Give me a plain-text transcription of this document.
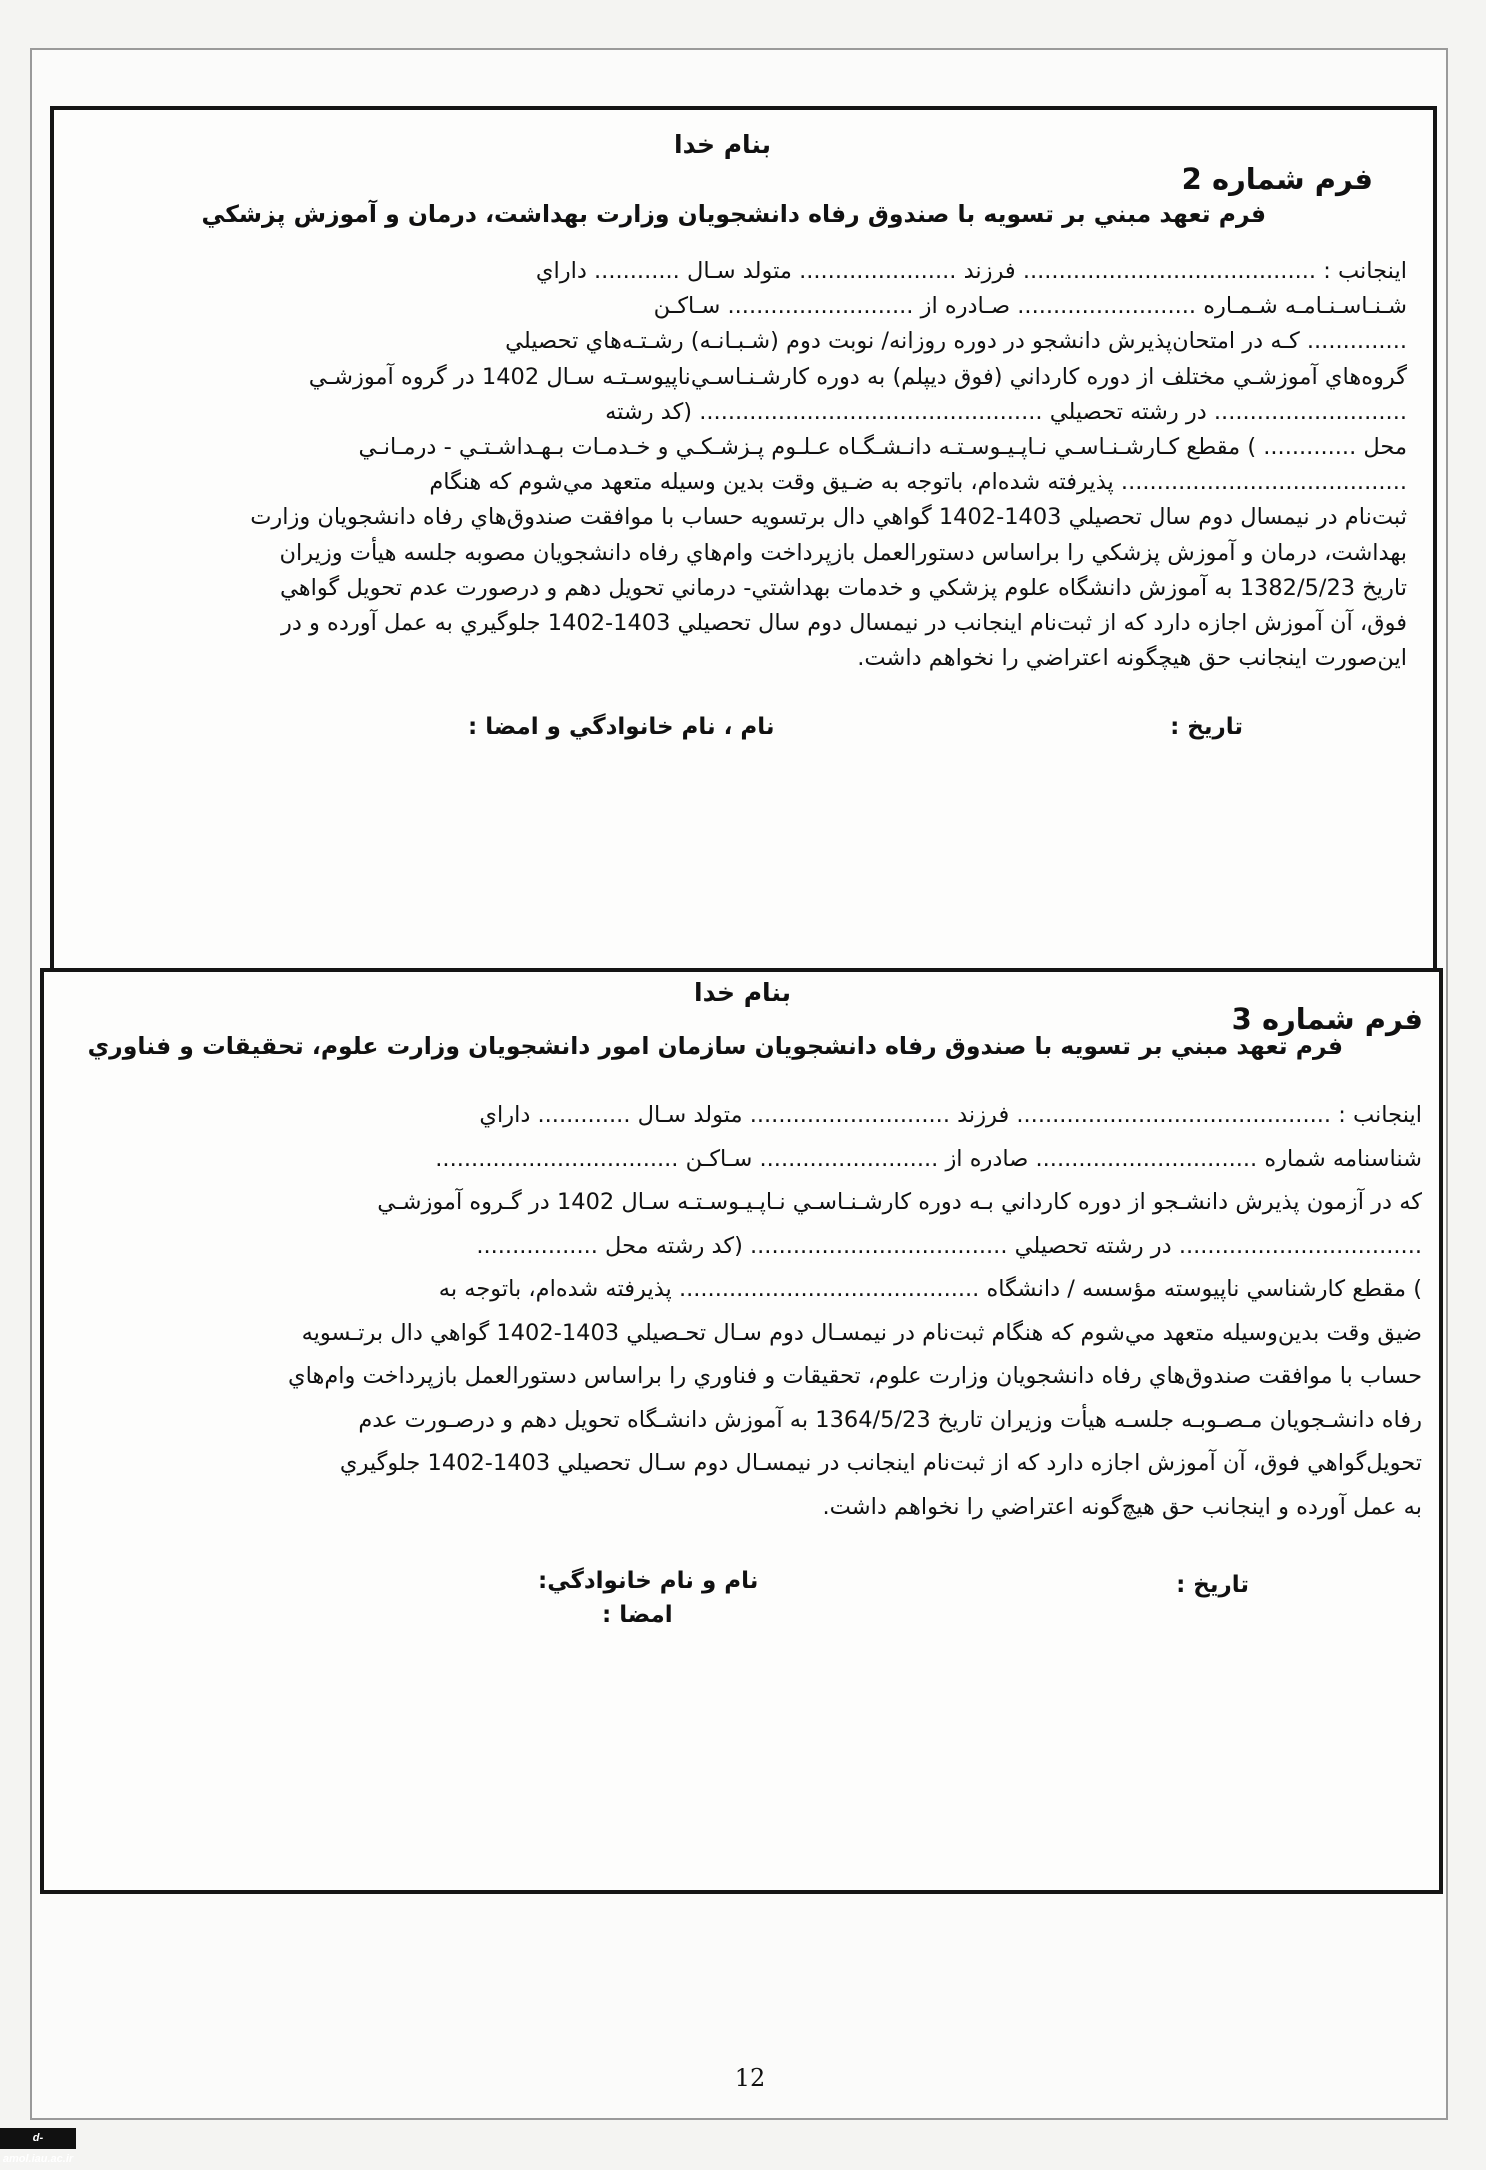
بنام خدا
فرم شماره 2
فرم تعهد مبني بر تسويه با صندوق رفاه دانشجويان وزارت بهداشت، درمان و آموزش پزشكي
اينجانب : ......................................... فرزند ...................... متولد سـال ............ داراي
شـنـاسـنـامـه شـمـاره ......................... صـادره از .......................... سـاكـن
.............. كـه در امتحان‌پذيرش دانشجو در دوره روزانه/ نوبت دوم (شـبـانـه) رشـتـه‌هاي تحصيلي
گروه‌هاي آموزشـي مختلف از دوره كارداني (فوق ديپلم) به دوره كارشـنـاسـي‌ناپيوسـتـه سـال 1402 در گروه آموزشـي
........................... در رشته تحصيلي ................................................ (كد رشته
محل ............. ) مقطع كـارشـنـاسـي نـاپـيـوسـتـه دانـشـگـاه عـلـوم پـزشـكـي و خـدمـات بـهـداشـتـي - درمـانـي
........................................ پذيرفته شده‌ام، باتوجه به ضـيق وقت بدين وسيله متعهد مي‌شوم كه هنگام
ثبت‌نام در نيمسال دوم سال تحصيلي 1403-1402 گواهي دال برتسويه حساب با موافقت صندوق‌هاي رفاه دانشجويان وزارت
بهداشت، درمان و آموزش پزشكي را براساس دستورالعمل بازپرداخت وام‌هاي رفاه دانشجويان مصوبه جلسه هيأت وزيران
تاريخ 1382/5/23 به آموزش دانشگاه علوم پزشكي و خدمات بهداشتي- درماني تحويل دهم و درصورت عدم تحويل گواهي
فوق، آن آموزش اجازه دارد كه از ثبت‌نام اينجانب در نيمسال دوم سال تحصيلي 1403-1402 جلوگيري به عمل آورده و در
اين‌صورت اينجانب حق هيچگونه اعتراضي را نخواهم داشت.
تاريخ :
نام ، نام خانوادگي و امضا :
بنام خدا
فرم شماره 3
فرم تعهد مبني بر تسويه با صندوق رفاه دانشجويان سازمان امور دانشجويان وزارت علوم، تحقيقات و فناوري
اينجانب : ............................................ فرزند ............................ متولد سـال ............. داراي
شناسنامه شماره ............................... صادره از ......................... سـاكـن ..................................
كه در آزمون پذيرش دانشـجو از دوره كارداني بـه دوره كارشـنـاسـي نـاپـيـوسـتـه سـال 1402 در گـروه آموزشـي
.................................. در رشته تحصيلي .................................... (كد رشته محل .................
) مقطع كارشناسي ناپيوسته مؤسسه / دانشگاه .......................................... پذيرفته شده‌ام، باتوجه به
ضيق وقت بدين‌وسيله متعهد مي‌شوم كه هنگام ثبت‌نام در نيمسـال دوم سـال تحـصيلي 1403-1402 گواهي دال برتـسويه
حساب با موافقت صندوق‌هاي رفاه دانشجويان وزارت علوم، تحقيقات و فناوري را براساس دستورالعمل بازپرداخت وام‌هاي
رفاه دانشـجويان مـصـوبـه جلسـه هيأت وزيران تاريخ 1364/5/23 به آموزش دانشـگاه تحويل دهم و درصـورت عدم
تحويل‌گواهي فوق، آن آموزش اجازه دارد كه از ثبت‌نام اينجانب در نيمسـال دوم سـال تحصيلي 1403-1402 جلوگيري
به عمل آورده و اينجانب حق هيچ‌گونه اعتراضي را نخواهم داشت.
تاريخ :
نام و نام خانوادگي:
امضا :
12
d-amol.iau.ac.ir
